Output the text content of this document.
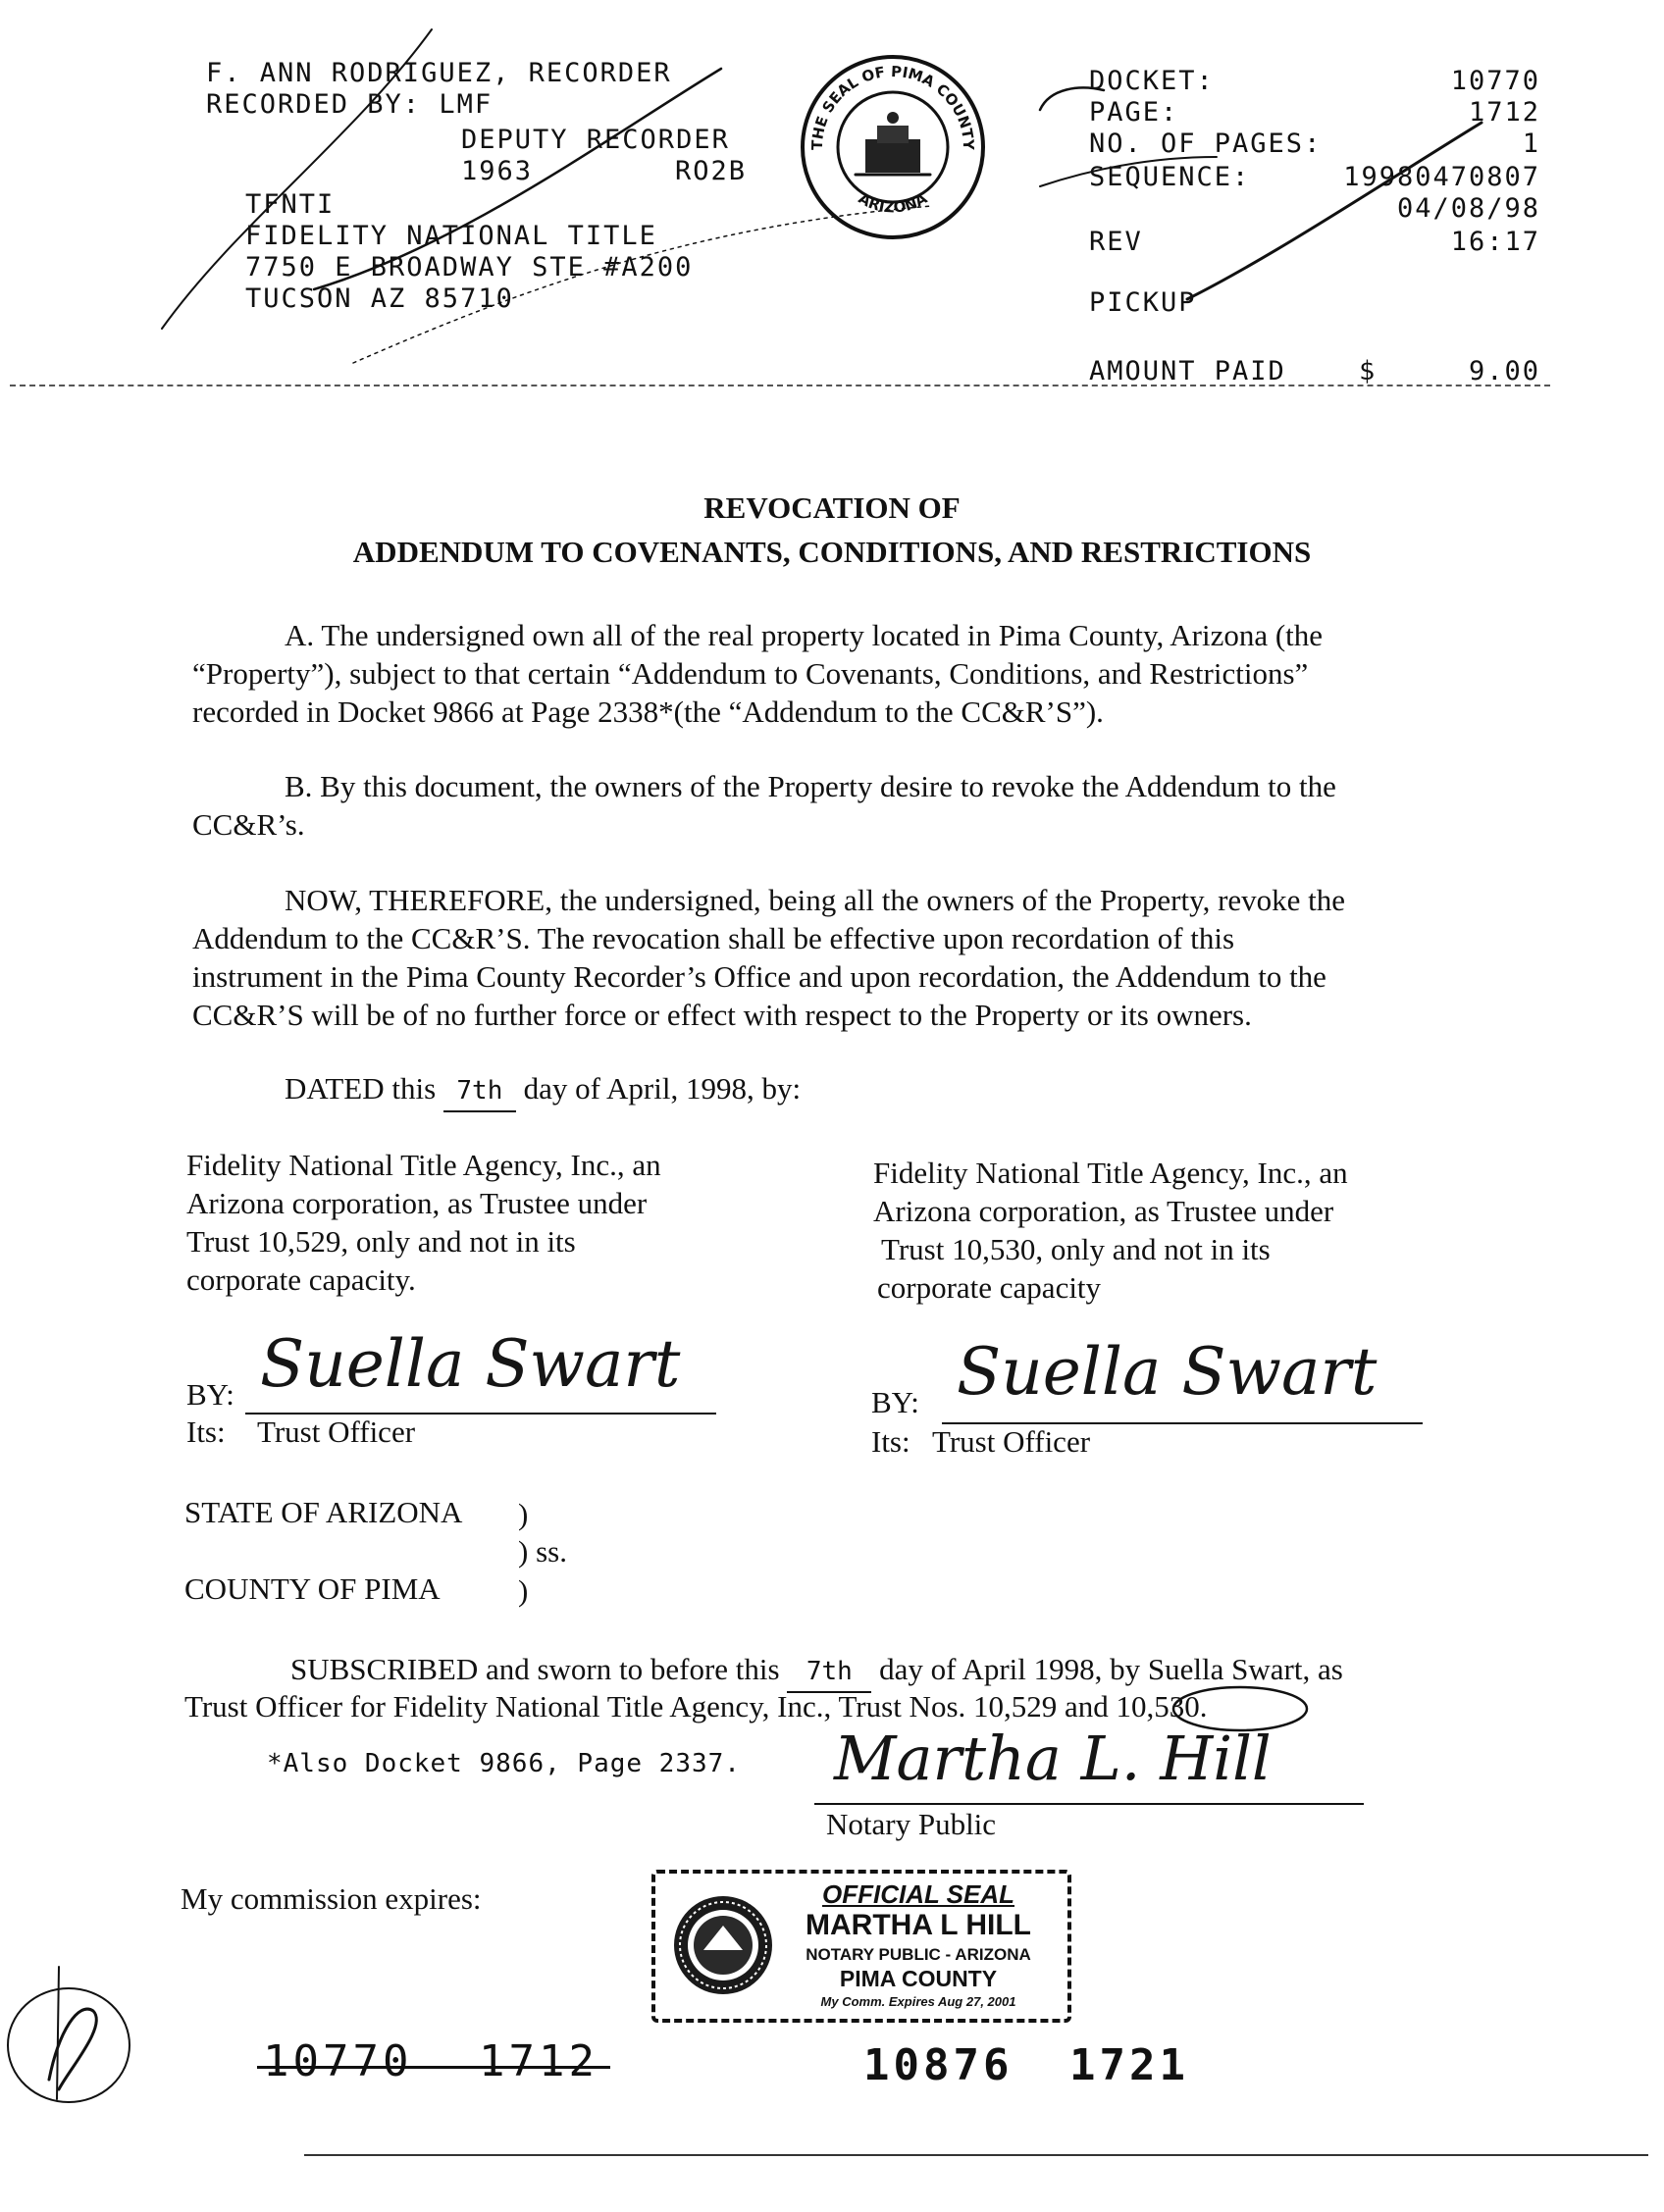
F. ANN RODRIGUEZ, RECORDER
RECORDED BY: LMF
DEPUTY RECORDER
1963	RO2B
TFNTI
FIDELITY NATIONAL TITLE
7750 E BROADWAY STE #A200
TUCSON AZ 85710
DOCKET:	10770
PAGE:	1712
NO. OF PAGES:	1
SEQUENCE:	19980470807
04/08/98
REV	16:17
PICKUP
AMOUNT PAID	$	9.00
THE SEAL OF PIMA COUNTY
ARIZONA
REVOCATION OF
ADDENDUM TO COVENANTS, CONDITIONS, AND RESTRICTIONS

A. The undersigned own all of the real property located in Pima County, Arizona (the

“Property”), subject to that certain “Addendum to Covenants, Conditions, and Restrictions”

recorded in Docket 9866 at Page 2338*(the “Addendum to the CC&R’S”).

B. By this document, the owners of the Property desire to revoke the Addendum to the

CC&R’s.

NOW, THEREFORE, the undersigned, being all the owners of the Property, revoke the

Addendum to the CC&R’S. The revocation shall be effective upon recordation of this

instrument in the Pima County Recorder’s Office and upon recordation, the Addendum to the

CC&R’S will be of no further force or effect with respect to the Property or its owners.

DATED this 7th day of April, 1998, by:

Fidelity National Title Agency, Inc., an

Arizona corporation, as Trustee under

Trust 10,529, only and not in its

corporate capacity.

BY: Suella Swart
Its: Trust Officer

Fidelity National Title Agency, Inc., an

Arizona corporation, as Trustee under

Trust 10,530, only and not in its

corporate capacity

BY: Suella Swart
Its: Trust Officer
STATE OF ARIZONA )
) ss.
COUNTY OF PIMA	)
SUBSCRIBED and sworn to before this 7th day of April 1998, by Suella Swart, as
Trust Officer for Fidelity National Title Agency, Inc., Trust Nos. 10,529 and 10,530.
*Also Docket 9866, Page 2337. Martha L. Hill
Notary Public
My commission expires:	OFFICIAL SEAL
MARTHA L HILL
NOTARY PUBLIC - ARIZONA
PIMA COUNTY
My Comm. Expires Aug 27, 2001
10770 1712	10876 1721
